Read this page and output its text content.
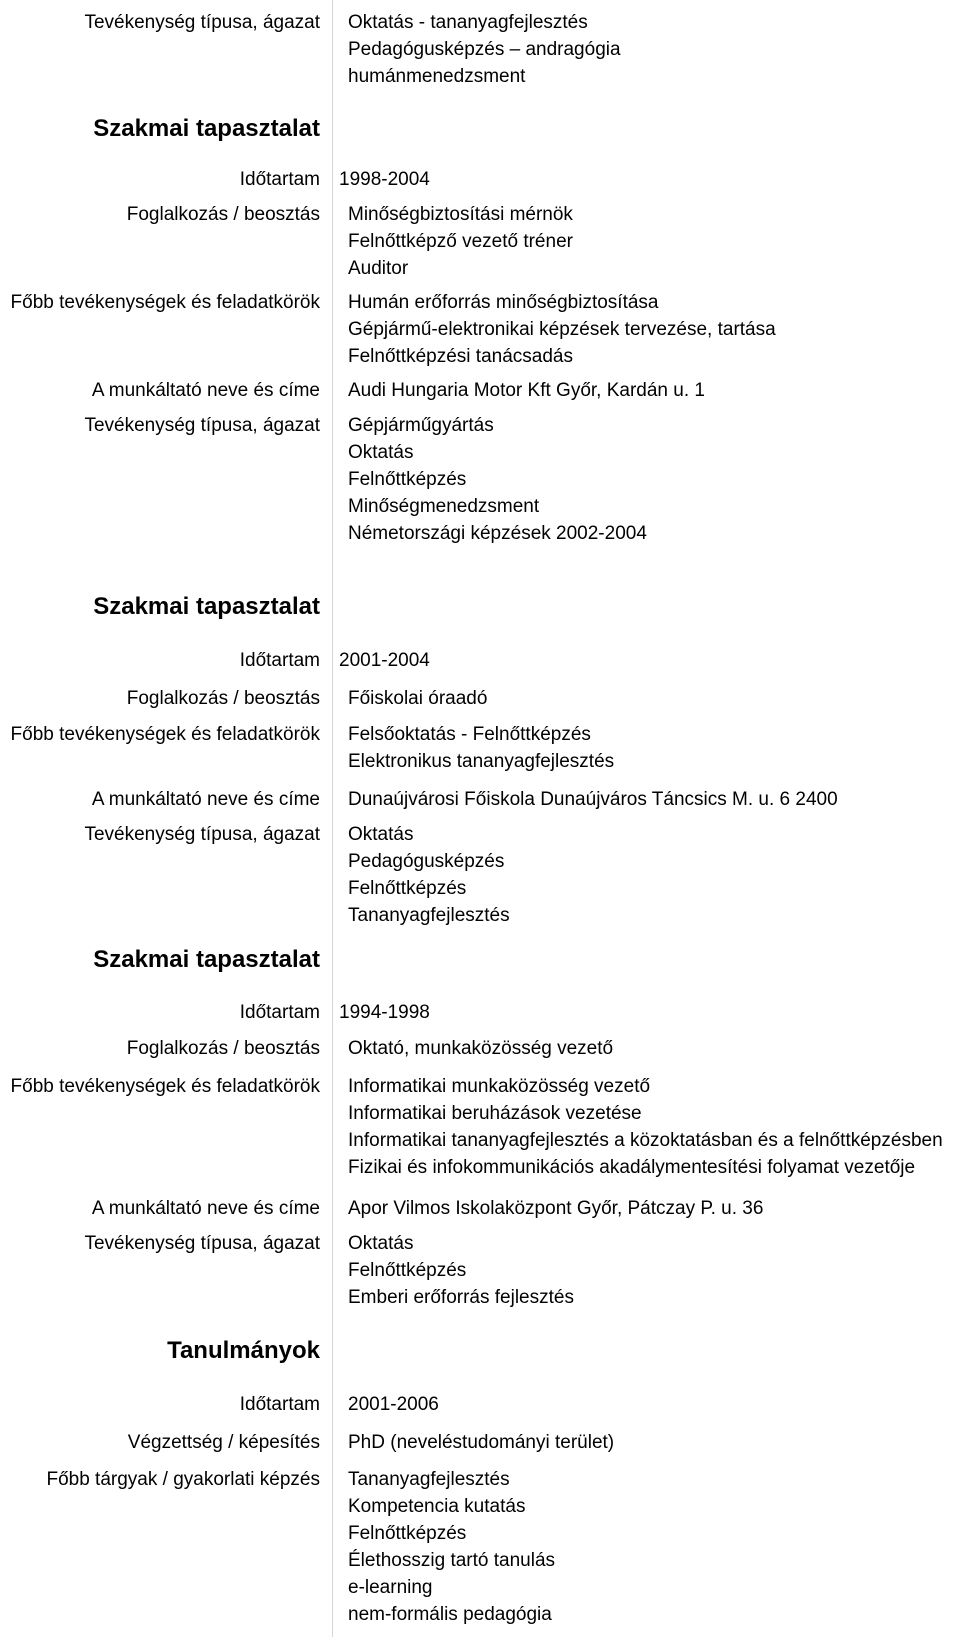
Tevékenység típusa, ágazat Oktatás - tananyagfejlesztés
Pedagógusképzés – andragógia
humánmenedzsment
Szakmai tapasztalat
Időtartam 1998-2004
Foglalkozás / beosztás Minőségbiztosítási mérnök
Felnőttképző vezető tréner
Auditor
Főbb tevékenységek és feladatkörök Humán erőforrás minőségbiztosítása
Gépjármű-elektronikai képzések tervezése, tartása
Felnőttképzési tanácsadás
A munkáltató neve és címe Audi Hungaria Motor Kft Győr, Kardán u. 1
Tevékenység típusa, ágazat Gépjárműgyártás
Oktatás
Felnőttképzés
Minőségmenedzsment
Németországi képzések 2002-2004
Szakmai tapasztalat
Időtartam 2001-2004
Foglalkozás / beosztás Főiskolai óraadó
Főbb tevékenységek és feladatkörök Felsőoktatás - Felnőttképzés
Elektronikus tananyagfejlesztés
A munkáltató neve és címe Dunaújvárosi Főiskola Dunaújváros Táncsics M. u. 6 2400
Tevékenység típusa, ágazat Oktatás
Pedagógusképzés
Felnőttképzés
Tananyagfejlesztés
Szakmai tapasztalat
Időtartam 1994-1998
Foglalkozás / beosztás Oktató, munkaközösség vezető
Főbb tevékenységek és feladatkörök Informatikai munkaközösség vezető
Informatikai beruházások vezetése
Informatikai tananyagfejlesztés a közoktatásban és a felnőttképzésben
Fizikai és infokommunikációs akadálymentesítési folyamat vezetője
A munkáltató neve és címe Apor Vilmos Iskolaközpont Győr, Pátczay P. u. 36
Tevékenység típusa, ágazat Oktatás
Felnőttképzés
Emberi erőforrás fejlesztés
Tanulmányok
Időtartam 2001-2006
Végzettség / képesítés PhD (neveléstudományi terület)
Főbb tárgyak / gyakorlati képzés Tananyagfejlesztés
Kompetencia kutatás
Felnőttképzés
Élethosszig tartó tanulás
e-learning
nem-formális pedagógia
